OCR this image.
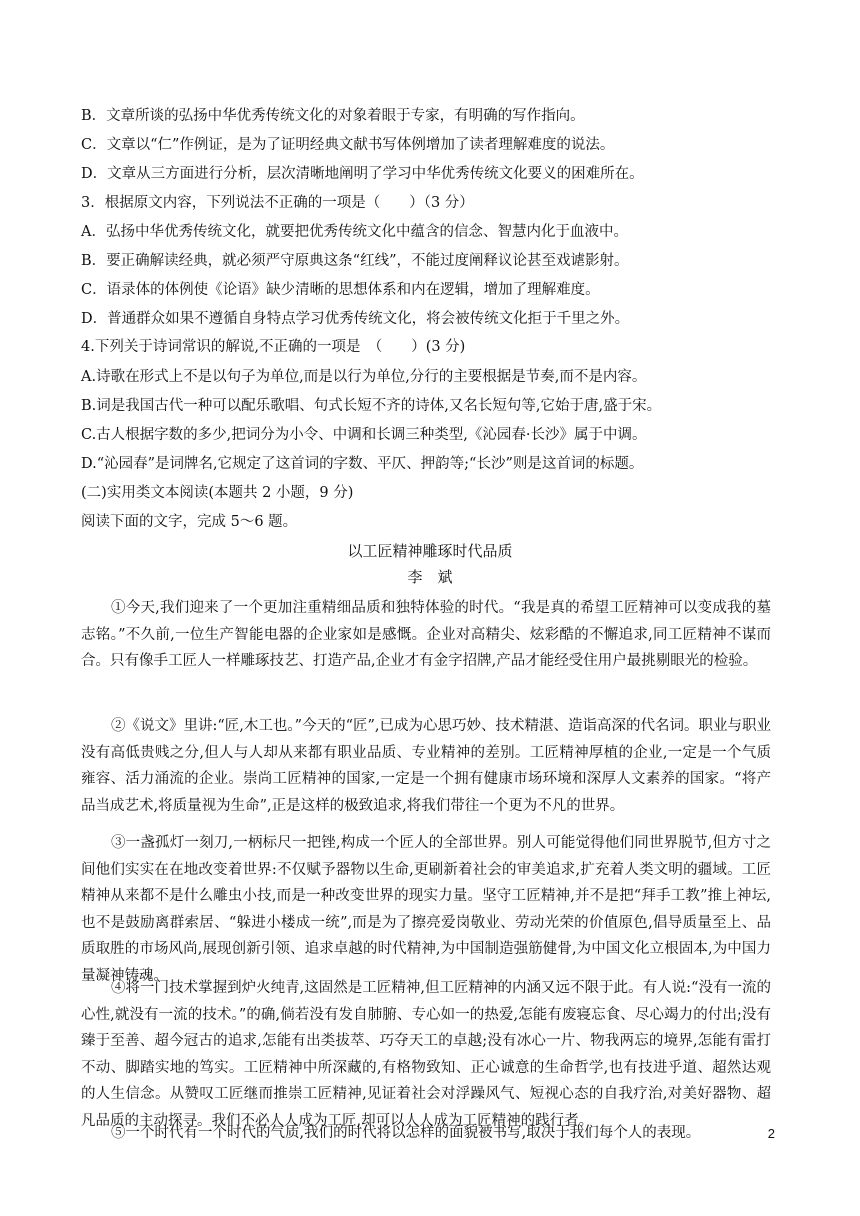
B．文章所谈的弘扬中华优秀传统文化的对象着眼于专家，有明确的写作指向。
C．文章以“仁”作例证，是为了证明经典文献书写体例增加了读者理解难度的说法。
D．文章从三方面进行分析，层次清晰地阐明了学习中华优秀传统文化要义的困难所在。
3．根据原文内容，下列说法不正确的一项是（　　）（3 分）
A．弘扬中华优秀传统文化，就要把优秀传统文化中蕴含的信念、智慧内化于血液中。
B．要正确解读经典，就必须严守原典这条“红线”，不能过度阐释议论甚至戏谑影射。
C．语录体的体例使《论语》缺少清晰的思想体系和内在逻辑，增加了理解难度。
D．普通群众如果不遵循自身特点学习优秀传统文化，将会被传统文化拒于千里之外。
4.下列关于诗词常识的解说,不正确的一项是　（　　）(3 分)
A.诗歌在形式上不是以句子为单位,而是以行为单位,分行的主要根据是节奏,而不是内容。
B.词是我国古代一种可以配乐歌唱、句式长短不齐的诗体,又名长短句等,它始于唐,盛于宋。
C.古人根据字数的多少,把词分为小令、中调和长调三种类型,《沁园春·长沙》属于中调。
D.“沁园春”是词牌名,它规定了这首词的字数、平仄、押韵等;“长沙”则是这首词的标题。
(二)实用类文本阅读(本题共 2 小题，9 分)
阅读下面的文字，完成 5～6 题。
以工匠精神雕琢时代品质
李　斌

①今天,我们迎来了一个更加注重精细品质和独特体验的时代。“我是真的希望工匠精神可以变成我的墓志铭。”不久前,一位生产智能电器的企业家如是感慨。企业对高精尖、炫彩酷的不懈追求,同工匠精神不谋而合。只有像手工匠人一样雕琢技艺、打造产品,企业才有金字招牌,产品才能经受住用户最挑剔眼光的检验。

②《说文》里讲:“匠,木工也。”今天的“匠”,已成为心思巧妙、技术精湛、造诣高深的代名词。职业与职业没有高低贵贱之分,但人与人却从来都有职业品质、专业精神的差别。工匠精神厚植的企业,一定是一个气质雍容、活力涌流的企业。崇尚工匠精神的国家,一定是一个拥有健康市场环境和深厚人文素养的国家。“将产品当成艺术,将质量视为生命”,正是这样的极致追求,将我们带往一个更为不凡的世界。

③一盏孤灯一刻刀,一柄标尺一把锉,构成一个匠人的全部世界。别人可能觉得他们同世界脱节,但方寸之间他们实实在在地改变着世界:不仅赋予器物以生命,更刷新着社会的审美追求,扩充着人类文明的疆域。工匠精神从来都不是什么雕虫小技,而是一种改变世界的现实力量。坚守工匠精神,并不是把“拜手工教”推上神坛,也不是鼓励离群索居、“躲进小楼成一统”,而是为了擦亮爱岗敬业、劳动光荣的价值原色,倡导质量至上、品质取胜的市场风尚,展现创新引领、追求卓越的时代精神,为中国制造强筋健骨,为中国文化立根固本,为中国力量凝神铸魂。

④将一门技术掌握到炉火纯青,这固然是工匠精神,但工匠精神的内涵又远不限于此。有人说:“没有一流的心性,就没有一流的技术。”的确,倘若没有发自肺腑、专心如一的热爱,怎能有废寝忘食、尽心竭力的付出;没有臻于至善、超今冠古的追求,怎能有出类拔萃、巧夺天工的卓越;没有冰心一片、物我两忘的境界,怎能有雷打不动、脚踏实地的笃实。工匠精神中所深藏的,有格物致知、正心诚意的生命哲学,也有技进乎道、超然达观的人生信念。从赞叹工匠继而推崇工匠精神,见证着社会对浮躁风气、短视心态的自我疗治,对美好器物、超凡品质的主动探寻。我们不必人人成为工匠,却可以人人成为工匠精神的践行者。

⑤一个时代有一个时代的气质,我们的时代将以怎样的面貌被书写,取决于我们每个人的表现。	2
